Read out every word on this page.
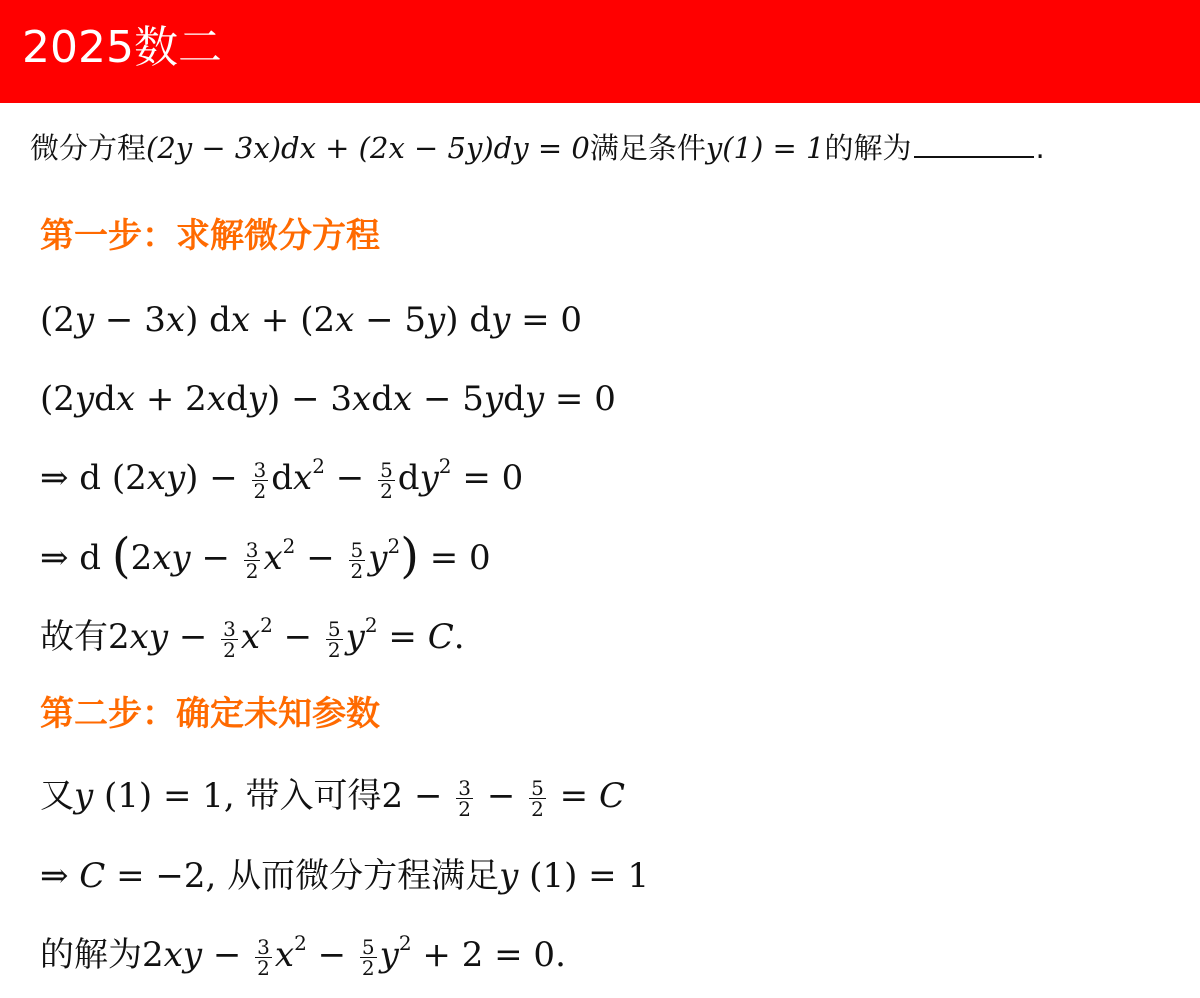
2025数二
微分方程(2y − 3x)dx + (2x − 5y)dy = 0满足条件y(1) = 1的解为	.
第一步：求解微分方程
(2y − 3x) dx + (2x − 5y) dy = 0
(2ydx + 2xdy) − 3xdx − 5ydy = 0
⇒ d $(2xy) - \frac{3}{2} dx^2 - \frac{5}{2} dy^2 = 0$
⇒ d $(2xy - \frac{3}{2} x^2 - \frac{5}{2} y^2) = 0$
故有$2xy - \frac{3}{2} x^2 - \frac{5}{2} y^2 = C$.
第二步：确定未知参数
又y (1) = 1, 带入可得$2 - \frac{3}{2} - \frac{5}{2} = C$
⇒ C = −2, 从而微分方程满足y (1) = 1
的解为$2xy - \frac{3}{2} x^2 - \frac{5}{2} y^2 + 2 = 0$.
